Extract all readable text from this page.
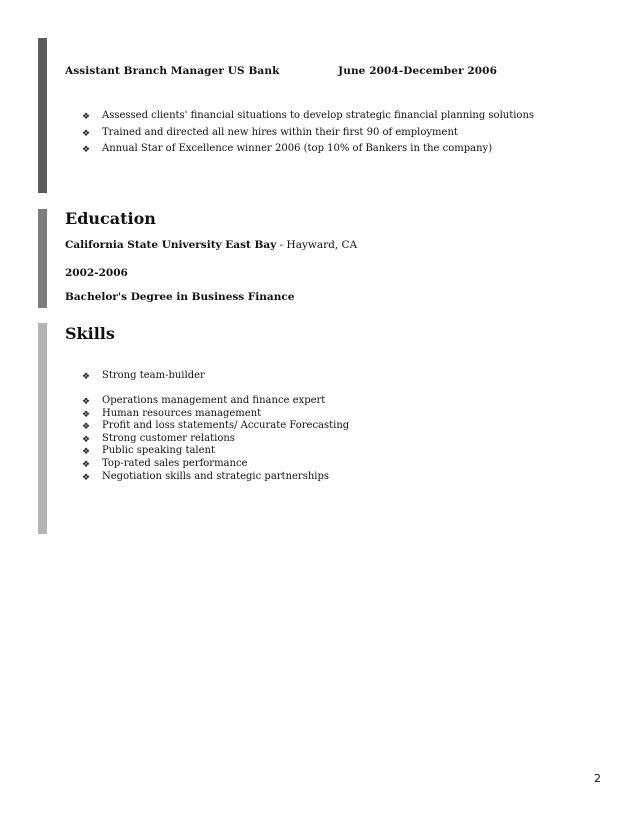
Assistant Branch Manager US Bank	June 2004-December 2006
❖ Assessed clients' financial situations to develop strategic financial planning solutions
❖ Trained and directed all new hires within their first 90 of employment
❖ Annual Star of Excellence winner 2006 (top 10% of Bankers in the company)
Education
California State University East Bay - Hayward, CA
2002-2006
Bachelor's Degree in Business Finance
Skills
❖ Strong team-builder
❖ Operations management and finance expert
❖ Human resources management
❖ Profit and loss statements/ Accurate Forecasting
❖ Strong customer relations
❖ Public speaking talent
❖ Top-rated sales performance
❖ Negotiation skills and strategic partnerships
2
